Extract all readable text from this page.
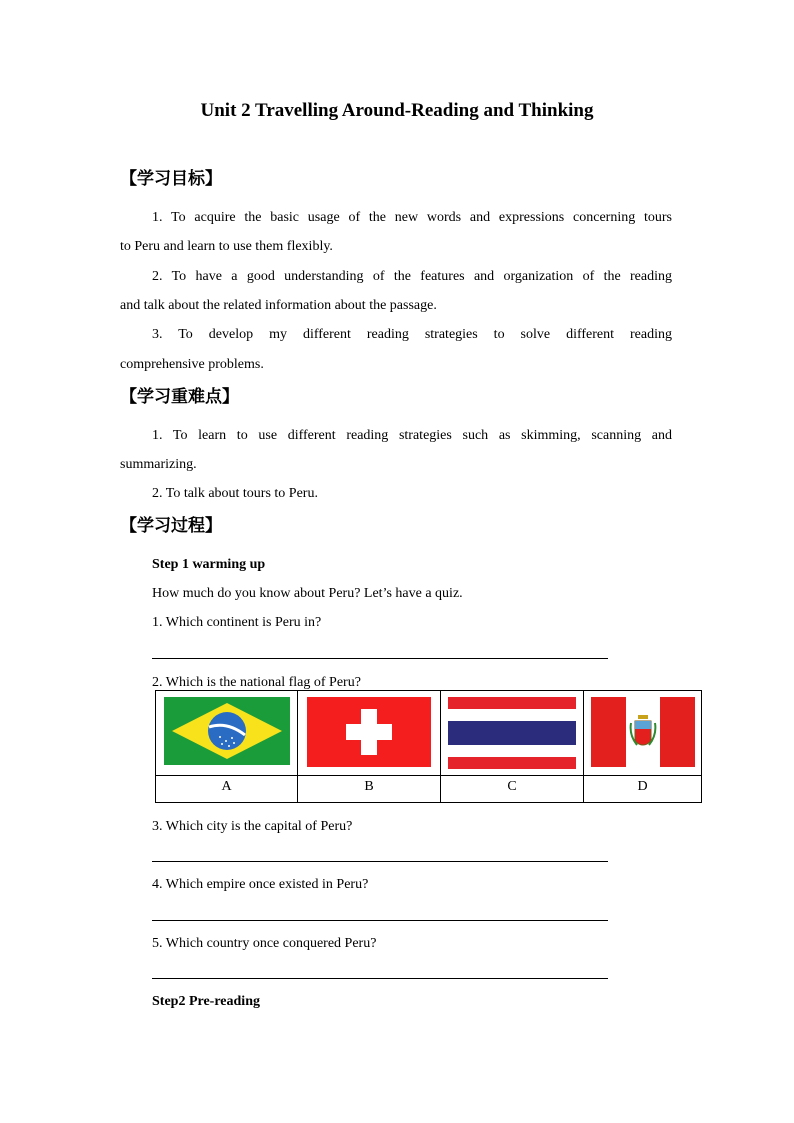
Unit 2 Travelling Around-Reading and Thinking
【学习目标】
1. To acquire the basic usage of the new words and expressions concerning tours
to Peru and learn to use them flexibly.
2. To have a good understanding of the features and organization of the reading
and talk about the related information about the passage.
3. To develop my different reading strategies to solve different reading
comprehensive problems.
【学习重难点】
1. To learn to use different reading strategies such as skimming, scanning and
summarizing.
2. To talk about tours to Peru.
【学习过程】
Step 1 warming up
How much do you know about Peru? Let’s have a quiz.
1. Which continent is Peru in?
2. Which is the national flag of Peru?

A	B	C	D
3. Which city is the capital of Peru?
4. Which empire once existed in Peru?
5. Which country once conquered Peru?
Step2 Pre-reading
